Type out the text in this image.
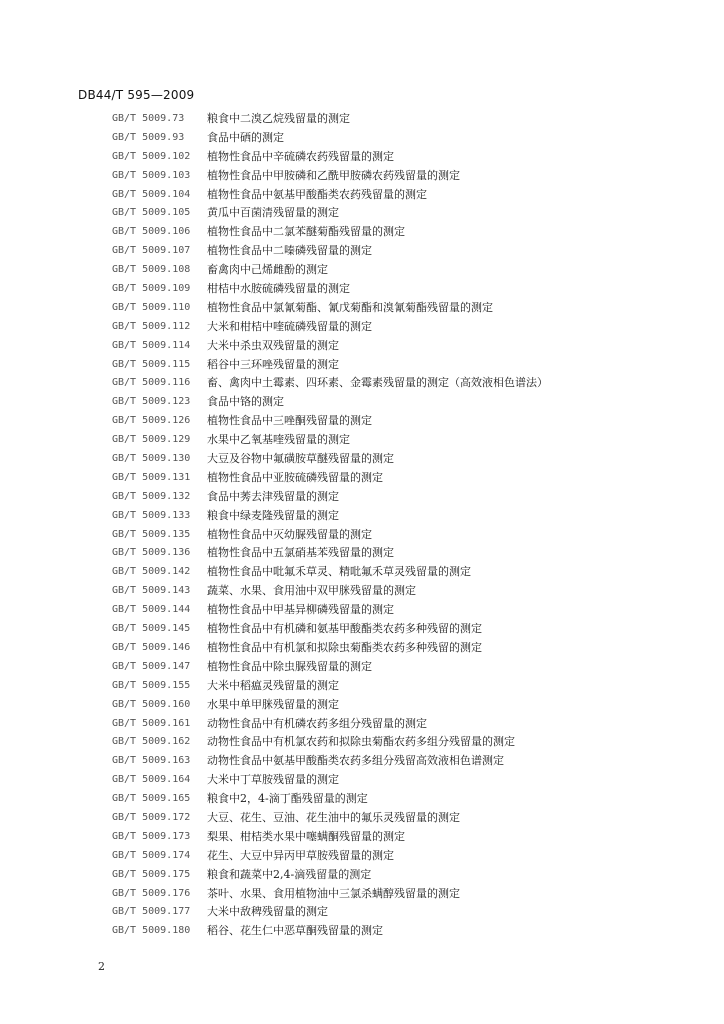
DB44/T 595—2009
GB/T 5009.73	粮食中二溴乙烷残留量的测定
GB/T 5009.93	食品中硒的测定
GB/T 5009.102	植物性食品中辛硫磷农药残留量的测定
GB/T 5009.103	植物性食品中甲胺磷和乙酰甲胺磷农药残留量的测定
GB/T 5009.104	植物性食品中氨基甲酸酯类农药残留量的测定
GB/T 5009.105	黄瓜中百菌清残留量的测定
GB/T 5009.106	植物性食品中二氯苯醚菊酯残留量的测定
GB/T 5009.107	植物性食品中二嗪磷残留量的测定
GB/T 5009.108	畜禽肉中己烯雌酚的测定
GB/T 5009.109	柑桔中水胺硫磷残留量的测定
GB/T 5009.110	植物性食品中氯氰菊酯、氰戊菊酯和溴氰菊酯残留量的测定
GB/T 5009.112	大米和柑桔中喹硫磷残留量的测定
GB/T 5009.114	大米中杀虫双残留量的测定
GB/T 5009.115	稻谷中三环唑残留量的测定
GB/T 5009.116	畜、禽肉中土霉素、四环素、金霉素残留量的测定（高效液相色谱法）
GB/T 5009.123	食品中铬的测定
GB/T 5009.126	植物性食品中三唑酮残留量的测定
GB/T 5009.129	水果中乙氧基喹残留量的测定
GB/T 5009.130	大豆及谷物中氟磺胺草醚残留量的测定
GB/T 5009.131	植物性食品中亚胺硫磷残留量的测定
GB/T 5009.132	食品中莠去津残留量的测定
GB/T 5009.133	粮食中绿麦隆残留量的测定
GB/T 5009.135	植物性食品中灭幼脲残留量的测定
GB/T 5009.136	植物性食品中五氯硝基苯残留量的测定
GB/T 5009.142	植物性食品中吡氟禾草灵、精吡氟禾草灵残留量的测定
GB/T 5009.143	蔬菜、水果、食用油中双甲脒残留量的测定
GB/T 5009.144	植物性食品中甲基异柳磷残留量的测定
GB/T 5009.145	植物性食品中有机磷和氨基甲酸酯类农药多种残留的测定
GB/T 5009.146	植物性食品中有机氯和拟除虫菊酯类农药多种残留的测定
GB/T 5009.147	植物性食品中除虫脲残留量的测定
GB/T 5009.155	大米中稻瘟灵残留量的测定
GB/T 5009.160	水果中单甲脒残留量的测定
GB/T 5009.161	动物性食品中有机磷农药多组分残留量的测定
GB/T 5009.162	动物性食品中有机氯农药和拟除虫菊酯农药多组分残留量的测定
GB/T 5009.163	动物性食品中氨基甲酸酯类农药多组分残留高效液相色谱测定
GB/T 5009.164	大米中丁草胺残留量的测定
GB/T 5009.165	粮食中2，4-滴丁酯残留量的测定
GB/T 5009.172	大豆、花生、豆油、花生油中的氟乐灵残留量的测定
GB/T 5009.173	梨果、柑桔类水果中噻螨酮残留量的测定
GB/T 5009.174	花生、大豆中异丙甲草胺残留量的测定
GB/T 5009.175	粮食和蔬菜中2,4-滴残留量的测定
GB/T 5009.176	茶叶、水果、食用植物油中三氯杀螨醇残留量的测定
GB/T 5009.177	大米中敌稗残留量的测定
GB/T 5009.180	稻谷、花生仁中恶草酮残留量的测定
2
